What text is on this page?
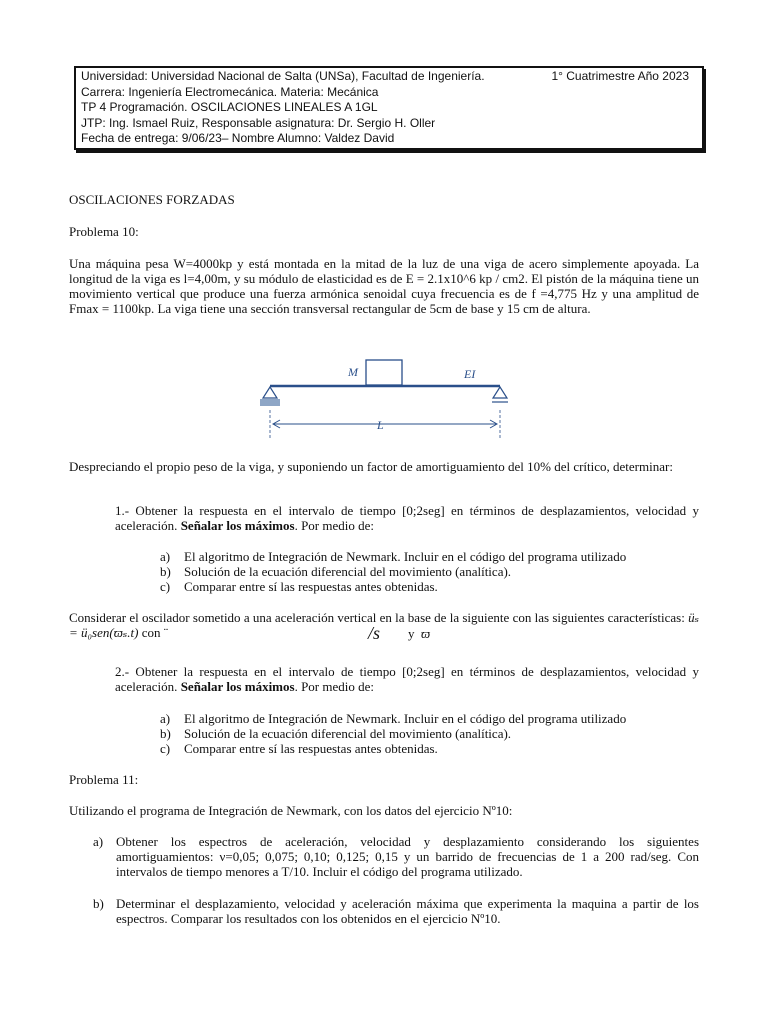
Universidad: Universidad Nacional de Salta (UNSa), Facultad de Ingeniería.	1° Cuatrimestre Año 2023
Carrera: Ingeniería Electromecánica. Materia: Mecánica
TP 4 Programación. OSCILACIONES LINEALES A 1GL
JTP: Ing. Ismael Ruiz, Responsable asignatura: Dr. Sergio H. Oller
Fecha de entrega: 9/06/23– Nombre Alumno: Valdez David
OSCILACIONES FORZADAS
Problema 10:
Una máquina pesa W=4000kp y está montada en la mitad de la luz de una viga de acero simplemente apoyada. La longitud de la viga es l=4,00m, y su módulo de elasticidad es de E = 2.1x10^6 kp / cm2. El pistón de la máquina tiene un movimiento vertical que produce una fuerza armónica senoidal cuya frecuencia es de f =4,775 Hz y una amplitud de Fmax = 1100kp. La viga tiene una sección transversal rectangular de 5cm de base y 15 cm de altura.
M	EI
L
Despreciando el propio peso de la viga, y suponiendo un factor de amortiguamiento del 10% del crítico, determinar:
1.- Obtener la respuesta en el intervalo de tiempo [0;2seg] en términos de desplazamientos, velocidad y aceleración. Señalar los máximos. Por medio de:
a) El algoritmo de Integración de Newmark. Incluir en el código del programa utilizado
b) Solución de la ecuación diferencial del movimiento (analítica).
c) Comparar entre sí las respuestas antes obtenidas.
Considerar el oscilador sometido a una aceleración vertical en la base de la siguiente con las siguientes características: üₛ = ü₀sen(ϖₛ.t) con ¨	/s y ϖ
2.- Obtener la respuesta en el intervalo de tiempo [0;2seg] en términos de desplazamientos, velocidad y aceleración. Señalar los máximos. Por medio de:
a) El algoritmo de Integración de Newmark. Incluir en el código del programa utilizado
b) Solución de la ecuación diferencial del movimiento (analítica).
c) Comparar entre sí las respuestas antes obtenidas.
Problema 11:
Utilizando el programa de Integración de Newmark, con los datos del ejercicio Nº10:
a) Obtener los espectros de aceleración, velocidad y desplazamiento considerando los siguientes amortiguamientos: ν=0,05; 0,075; 0,10; 0,125; 0,15 y un barrido de frecuencias de 1 a 200 rad/seg. Con intervalos de tiempo menores a T/10. Incluir el código del programa utilizado.
b) Determinar el desplazamiento, velocidad y aceleración máxima que experimenta la maquina a partir de los espectros. Comparar los resultados con los obtenidos en el ejercicio Nº10.
